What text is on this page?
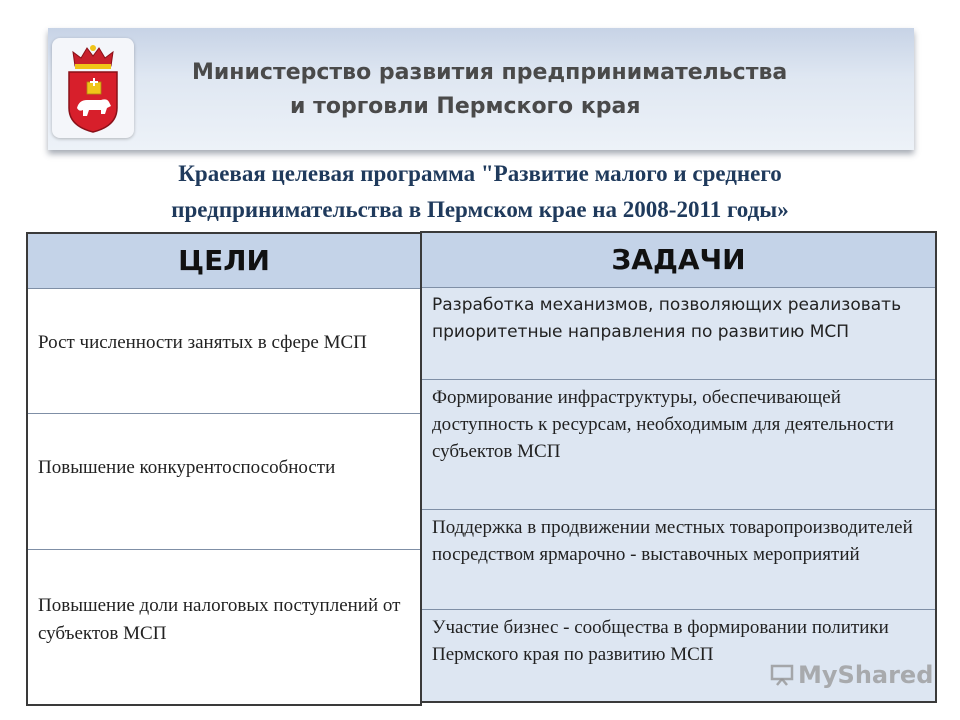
Министерство развития предпринимательства
и торговли Пермского края
Краевая целевая программа "Развитие малого и среднего
предпринимательства в Пермском крае на 2008-2011 годы»
ЦЕЛИ
Рост численности занятых в сфере МСП
Повышение конкурентоспособности
Повышение доли налоговых поступлений от субъектов МСП
ЗАДАЧИ
Разработка механизмов, позволяющих реализовать приоритетные направления по развитию МСП
Формирование инфраструктуры, обеспечивающей доступность к ресурсам, необходимым для деятельности субъектов МСП
Поддержка в продвижении местных товаропроизводителей посредством ярмарочно - выставочных мероприятий
Участие бизнес - сообщества в формировании политики Пермского края по развитию МСП
MyShared
